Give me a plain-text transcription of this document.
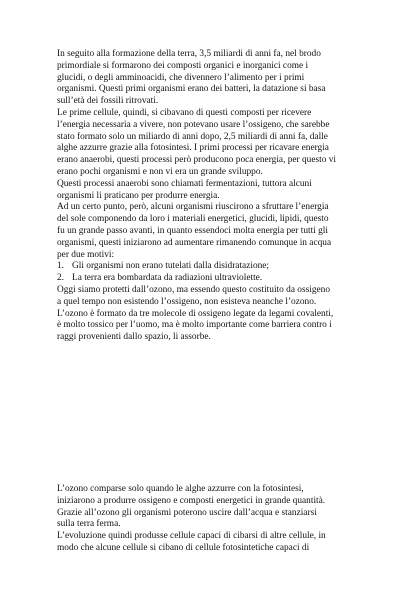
In seguito alla formazione della terra, 3,5 miliardi di anni fa, nel brodo

primordiale si formarono dei composti organici e inorganici come i

glucidi, o degli amminoacidi, che divennero l’alimento per i primi

organismi. Questi primi organismi erano dei batteri, la datazione si basa

sull’età dei fossili ritrovati.

Le prime cellule, quindi, si cibavano di questi composti per ricevere

l’energia necessaria a vivere, non potevano usare l’ossigeno, che sarebbe

stato formato solo un miliardo di anni dopo, 2,5 miliardi di anni fa, dalle

alghe azzurre grazie alla fotosintesi. I primi processi per ricavare energia

erano anaerobi, questi processi però producono poca energia, per questo vi

erano pochi organismi e non vi era un grande sviluppo.

Questi processi anaerobi sono chiamati fermentazioni, tuttora alcuni

organismi li praticano per produrre energia.

Ad un certo punto, però, alcuni organismi riuscirono a sfruttare l’energia

del sole componendo da loro i materiali energetici, glucidi, lipidi, questo

fu un grande passo avanti, in quanto essendoci molta energia per tutti gli

organismi, questi iniziarono ad aumentare rimanendo comunque in acqua

per due motivi:

1. Gli organismi non erano tutelati dalla disidratazione;

2. La terra era bombardata da radiazioni ultraviolette.

Oggi siamo protetti dall’ozono, ma essendo questo costituito da ossigeno

a quel tempo non esistendo l’ossigeno, non esisteva neanche l’ozono.

L’ozono è formato da tre molecole di ossigeno legate da legami covalenti,

è molto tossico per l’uomo, ma è molto importante come barriera contro i

raggi provenienti dallo spazio, li assorbe.

L’ozono comparse solo quando le alghe azzurre con la fotosintesi,

iniziarono a produrre ossigeno e composti energetici in grande quantità.

Grazie all’ozono gli organismi poterono uscire dall’acqua e stanziarsi

sulla terra ferma.

L’evoluzione quindi produsse cellule capaci di cibarsi di altre cellule, in

modo che alcune cellule si cibano di cellule fotosintetiche capaci di
